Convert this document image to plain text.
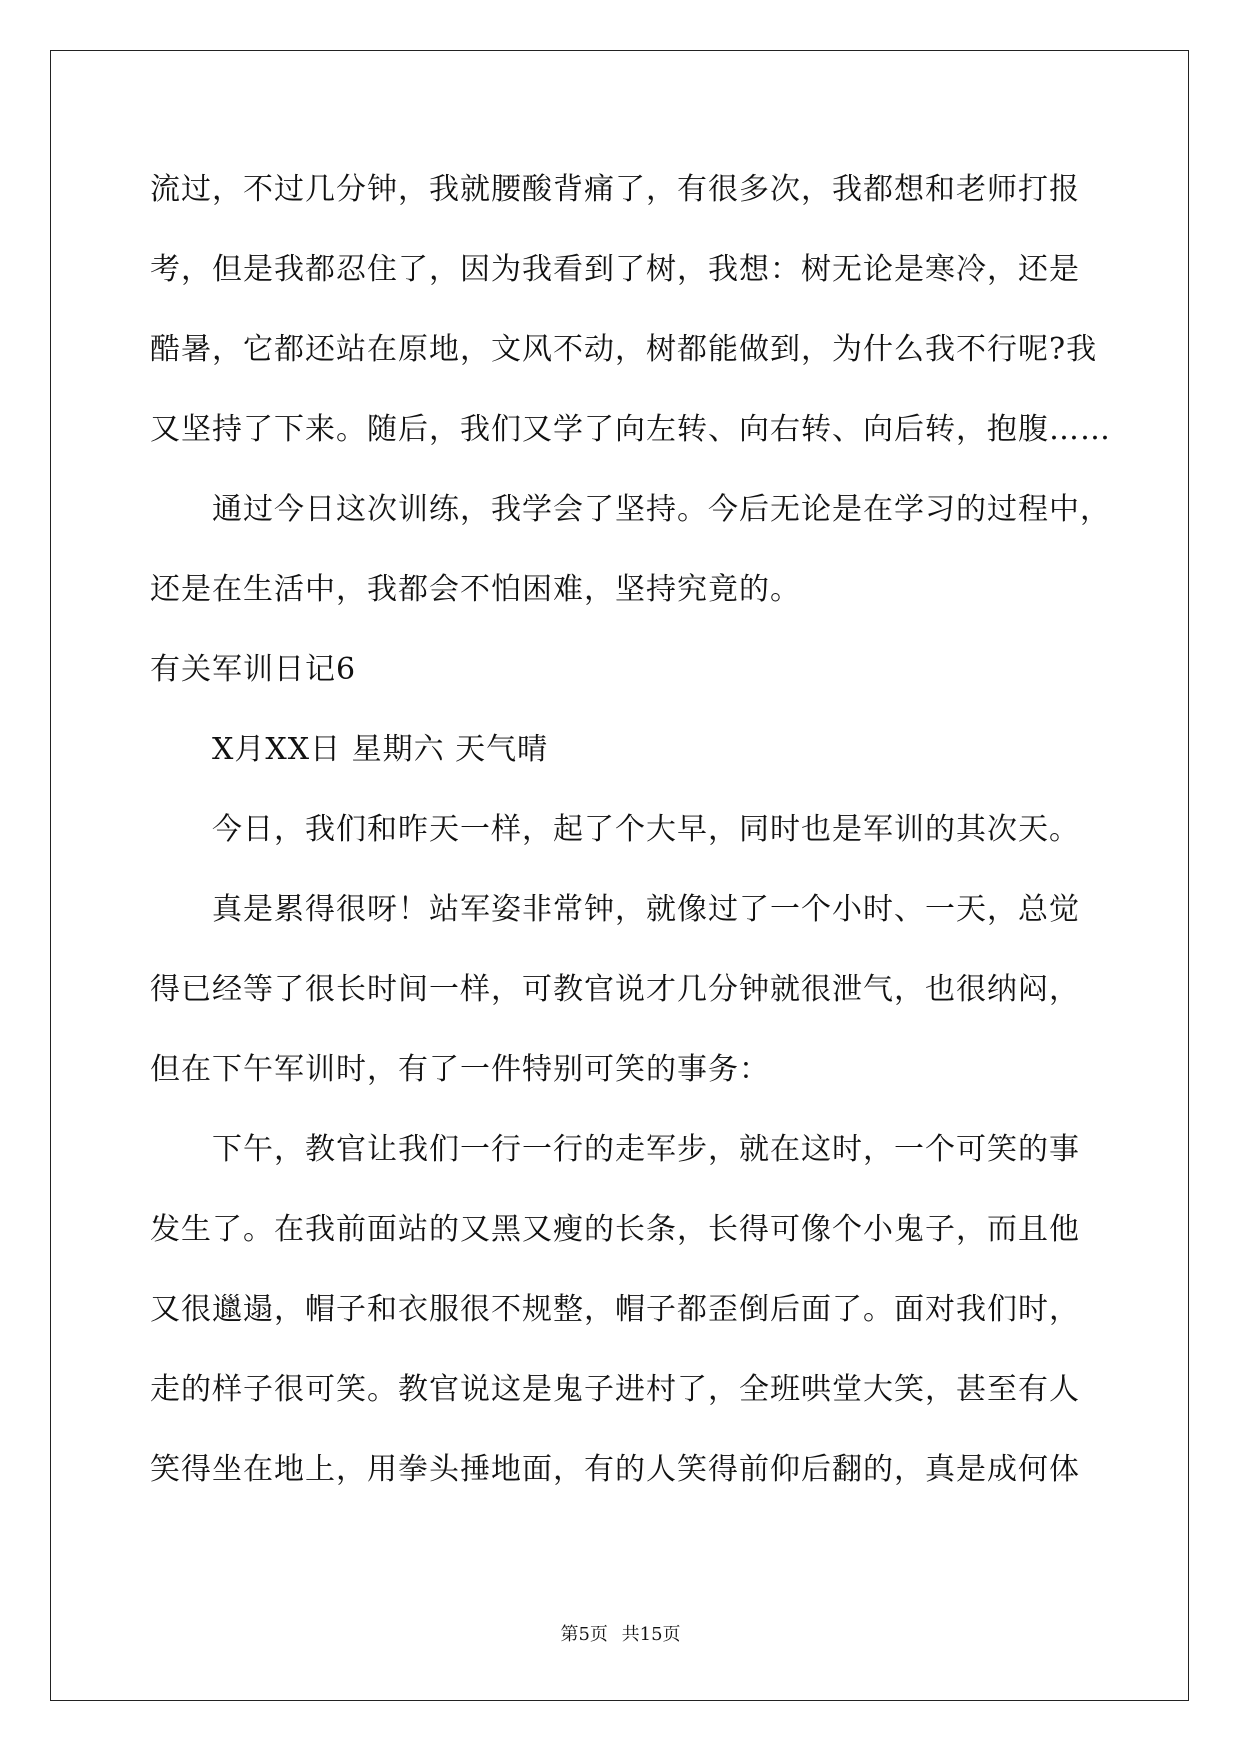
流过，不过几分钟，我就腰酸背痛了，有很多次，我都想和老师打报

考，但是我都忍住了，因为我看到了树，我想：树无论是寒冷，还是

酷暑，它都还站在原地，文风不动，树都能做到，为什么我不行呢?我

又坚持了下来。随后，我们又学了向左转、向右转、向后转，抱腹……

通过今日这次训练，我学会了坚持。今后无论是在学习的过程中，

还是在生活中，我都会不怕困难，坚持究竟的。

有关军训日记6

X月XX日 星期六 天气晴

今日，我们和昨天一样，起了个大早，同时也是军训的其次天。

真是累得很呀！站军姿非常钟，就像过了一个小时、一天，总觉

得已经等了很长时间一样，可教官说才几分钟就很泄气，也很纳闷，

但在下午军训时，有了一件特别可笑的事务：

下午，教官让我们一行一行的走军步，就在这时，一个可笑的事

发生了。在我前面站的又黑又瘦的长条，长得可像个小鬼子，而且他

又很邋遢，帽子和衣服很不规整，帽子都歪倒后面了。面对我们时，

走的样子很可笑。教官说这是鬼子进村了，全班哄堂大笑，甚至有人

笑得坐在地上，用拳头捶地面，有的人笑得前仰后翻的，真是成何体

第5页 共15页
